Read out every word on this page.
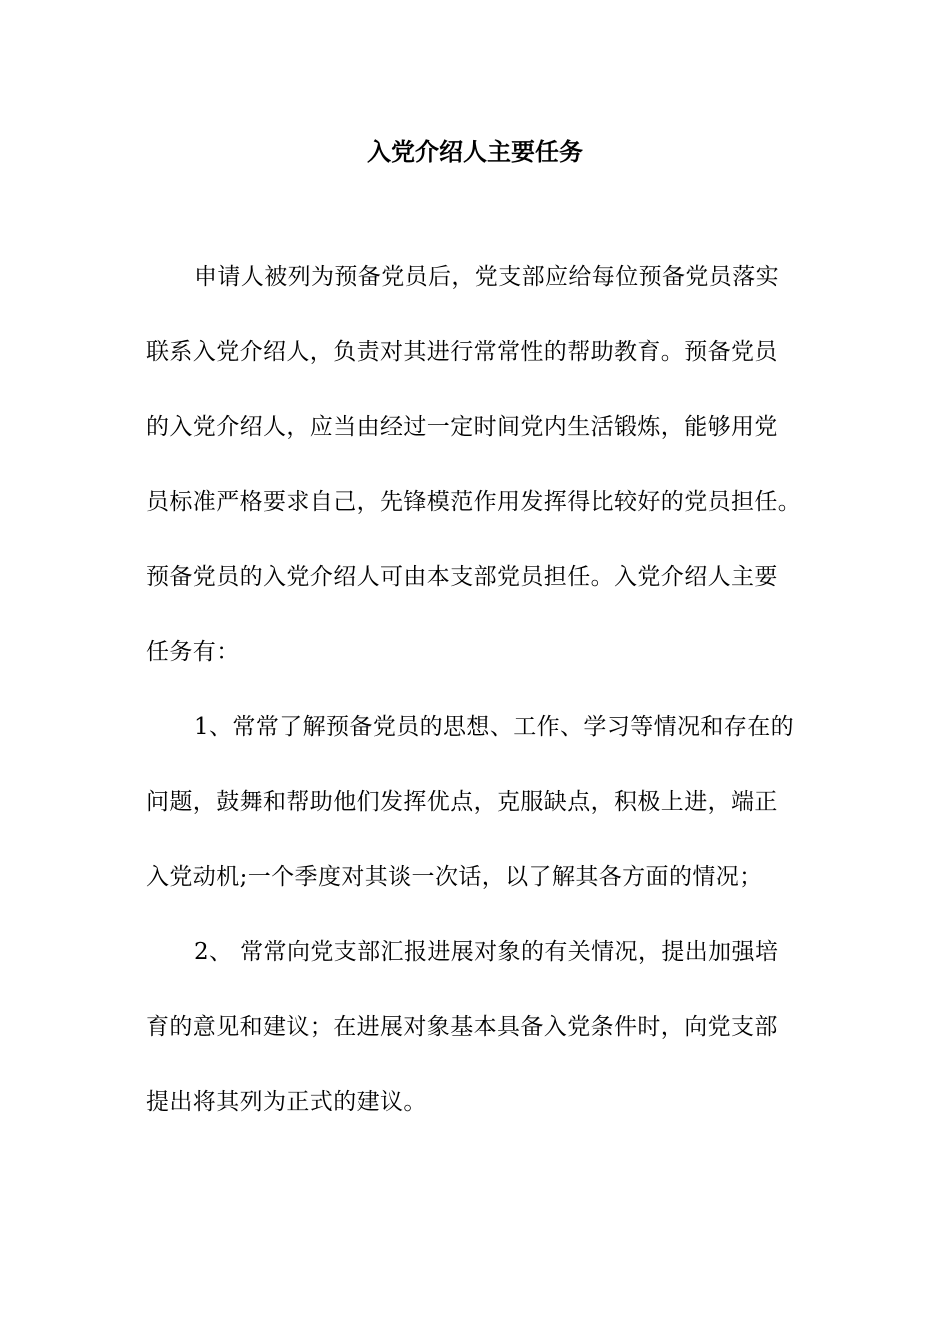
入党介绍人主要任务
申请人被列为预备党员后，党支部应给每位预备党员落实
联系入党介绍人，负责对其进行常常性的帮助教育。预备党员
的入党介绍人，应当由经过一定时间党内生活锻炼，能够用党
员标准严格要求自己，先锋模范作用发挥得比较好的党员担任。
预备党员的入党介绍人可由本支部党员担任。入党介绍人主要
任务有：
1、常常了解预备党员的思想、工作、学习等情况和存在的
问题，鼓舞和帮助他们发挥优点，克服缺点，积极上进，端正
入党动机;一个季度对其谈一次话，以了解其各方面的情况；
2、 常常向党支部汇报进展对象的有关情况，提出加强培
育的意见和建议；在进展对象基本具备入党条件时，向党支部
提出将其列为正式的建议。
